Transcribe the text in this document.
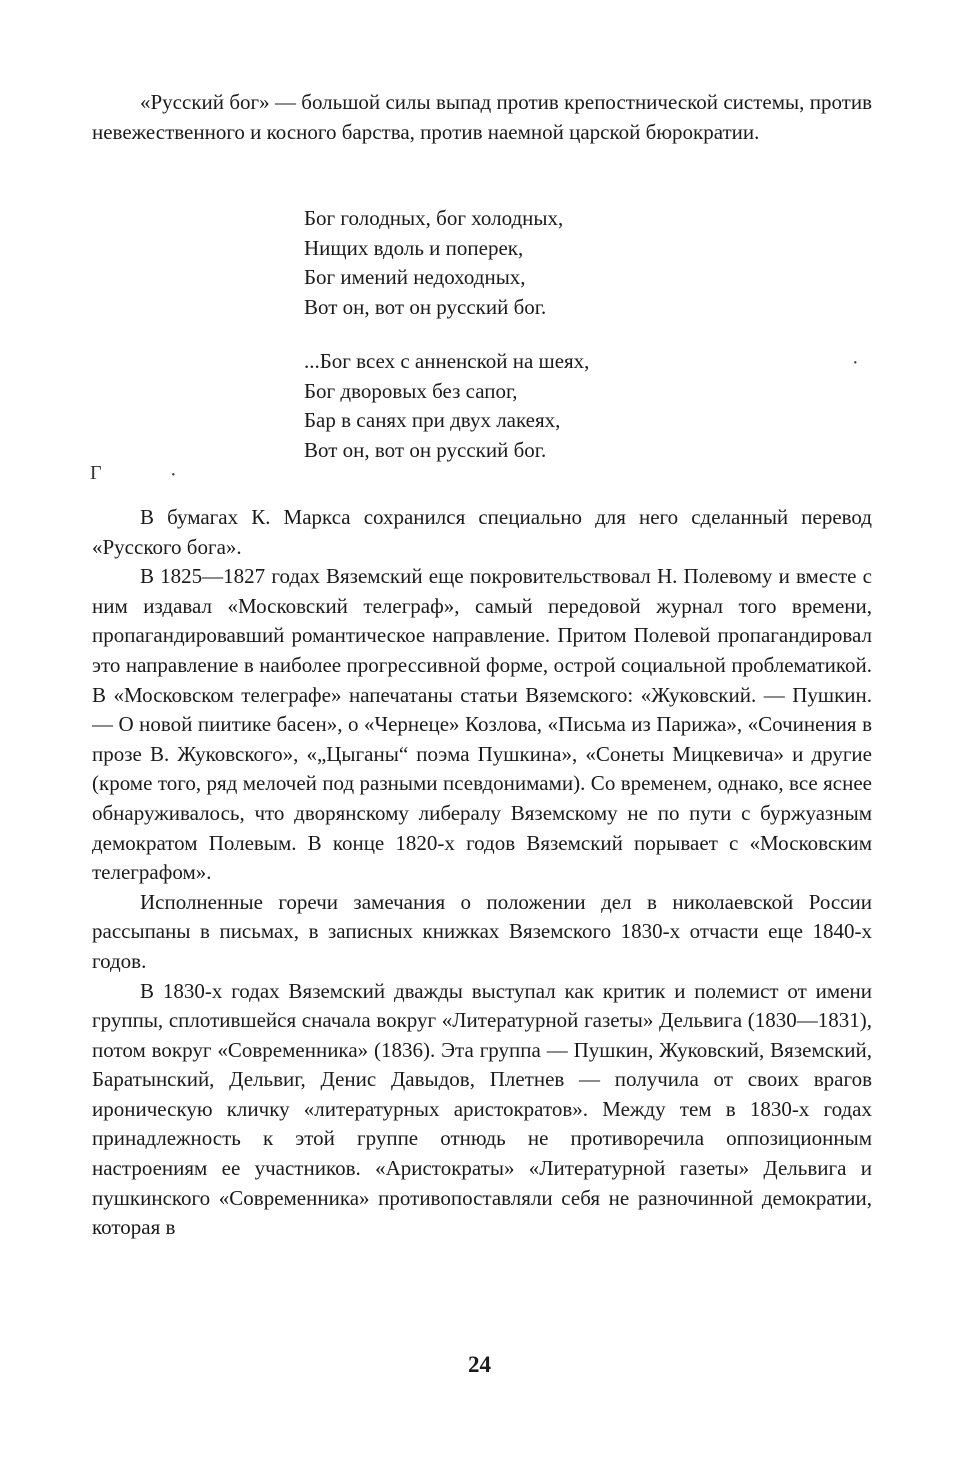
«Русский бог» — большой силы выпад против крепостнической системы, против невежественного и косного барства, против наемной царской бюрократии.

Бог голодных, бог холодных,
Нищих вдоль и поперек,
Бог имений недоходных,
Вот он, вот он русский бог.
...Бог всех с анненской на шеях,
Бог дворовых без сапог,
Бар в санях при двух лакеях,
Вот он, вот он русский бог.
·
Г	·

В бумагах К. Маркса сохранился специально для него сделанный перевод «Русского бога».

В 1825—1827 годах Вяземский еще покровительствовал Н. Полевому и вместе с ним издавал «Московский телеграф», самый передовой журнал того времени, пропагандировавший романтическое направление. Притом Полевой пропагандировал это направление в наиболее прогрессивной форме, острой социальной проблематикой. В «Московском телеграфе» напечатаны статьи Вяземского: «Жуковский. — Пушкин. — О новой пиитике басен», о «Чернеце» Козлова, «Письма из Парижа», «Сочинения в прозе В. Жуковского», «„Цыганы“ поэма Пушкина», «Сонеты Мицкевича» и другие (кроме того, ряд мелочей под разными псевдонимами). Со временем, однако, все яснее обнаруживалось, что дворянскому либералу Вяземскому не по пути с буржуазным демократом Полевым. В конце 1820-х годов Вяземский порывает с «Московским телеграфом».

Исполненные горечи замечания о положении дел в николаевской России рассыпаны в письмах, в записных книжках Вяземского 1830-х отчасти еще 1840-х годов.

В 1830-х годах Вяземский дважды выступал как критик и полемист от имени группы, сплотившейся сначала вокруг «Литературной газеты» Дельвига (1830—1831), потом вокруг «Современника» (1836). Эта группа — Пушкин, Жуковский, Вяземский, Баратынский, Дельвиг, Денис Давыдов, Плетнев — получила от своих врагов ироническую кличку «литературных аристократов». Между тем в 1830-х годах принадлежность к этой группе отнюдь не противоречила оппозиционным настроениям ее участников. «Аристократы» «Литературной газеты» Дельвига и пушкинского «Современника» противопоставляли себя не разночинной демократии, которая в

24
